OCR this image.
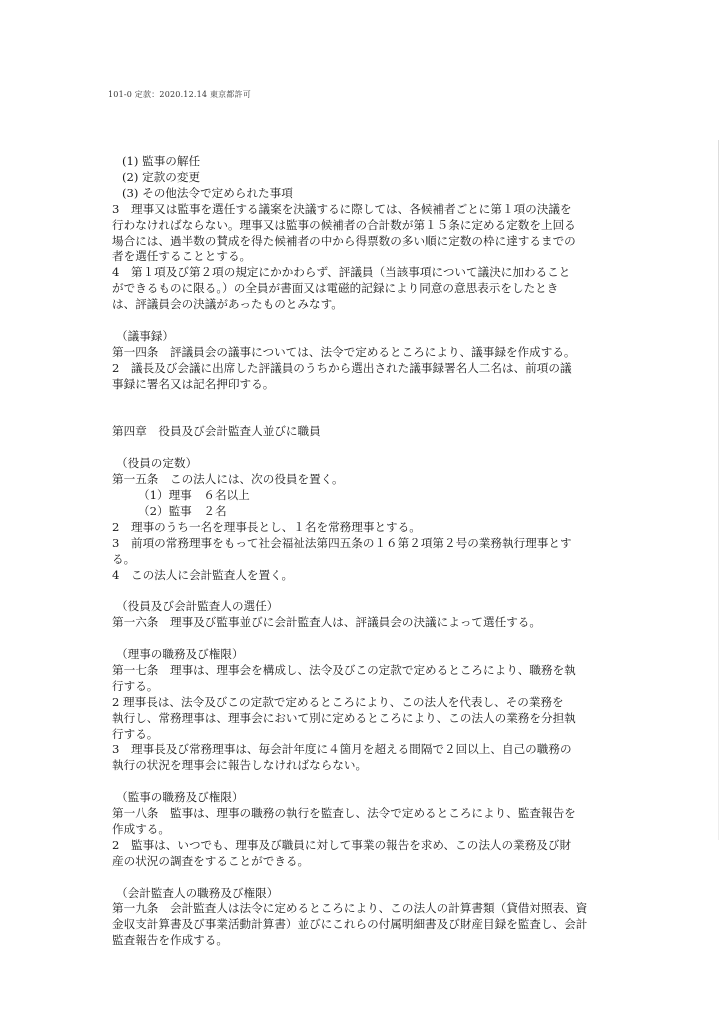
101-0 定款：2020.12.14 東京都許可
(1) 監事の解任
(2) 定款の変更
(3) その他法令で定められた事項
3　理事又は監事を選任する議案を決議するに際しては、各候補者ごとに第１項の決議を
行わなければならない。理事又は監事の候補者の合計数が第１５条に定める定数を上回る
場合には、過半数の賛成を得た候補者の中から得票数の多い順に定数の枠に達するまでの
者を選任することとする。
4　第１項及び第２項の規定にかかわらず、評議員（当該事項について議決に加わること
ができるものに限る。）の全員が書面又は電磁的記録により同意の意思表示をしたとき
は、評議員会の決議があったものとみなす。
（議事録）
第一四条　評議員会の議事については、法令で定めるところにより、議事録を作成する。
2　議長及び会議に出席した評議員のうちから選出された議事録署名人二名は、前項の議
事録に署名又は記名押印する。
第四章　役員及び会計監査人並びに職員
（役員の定数）
第一五条　この法人には、次の役員を置く。
（1）理事　６名以上
（2）監事　２名
2　理事のうち一名を理事長とし、１名を常務理事とする。
3　前項の常務理事をもって社会福祉法第四五条の１６第２項第２号の業務執行理事とす
る。
4　この法人に会計監査人を置く。
（役員及び会計監査人の選任）
第一六条　理事及び監事並びに会計監査人は、評議員会の決議によって選任する。
（理事の職務及び権限）
第一七条　理事は、理事会を構成し、法令及びこの定款で定めるところにより、職務を執
行する。
2 理事長は、法令及びこの定款で定めるところにより、この法人を代表し、その業務を
執行し、常務理事は、理事会において別に定めるところにより、この法人の業務を分担執
行する。
3　理事長及び常務理事は、毎会計年度に４箇月を超える間隔で２回以上、自己の職務の
執行の状況を理事会に報告しなければならない。
（監事の職務及び権限）
第一八条　監事は、理事の職務の執行を監査し、法令で定めるところにより、監査報告を
作成する。
2　監事は、いつでも、理事及び職員に対して事業の報告を求め、この法人の業務及び財
産の状況の調査をすることができる。
（会計監査人の職務及び権限）
第一九条　会計監査人は法令に定めるところにより、この法人の計算書類（貸借対照表、資
金収支計算書及び事業活動計算書）並びにこれらの付属明細書及び財産目録を監査し、会計
監査報告を作成する。
